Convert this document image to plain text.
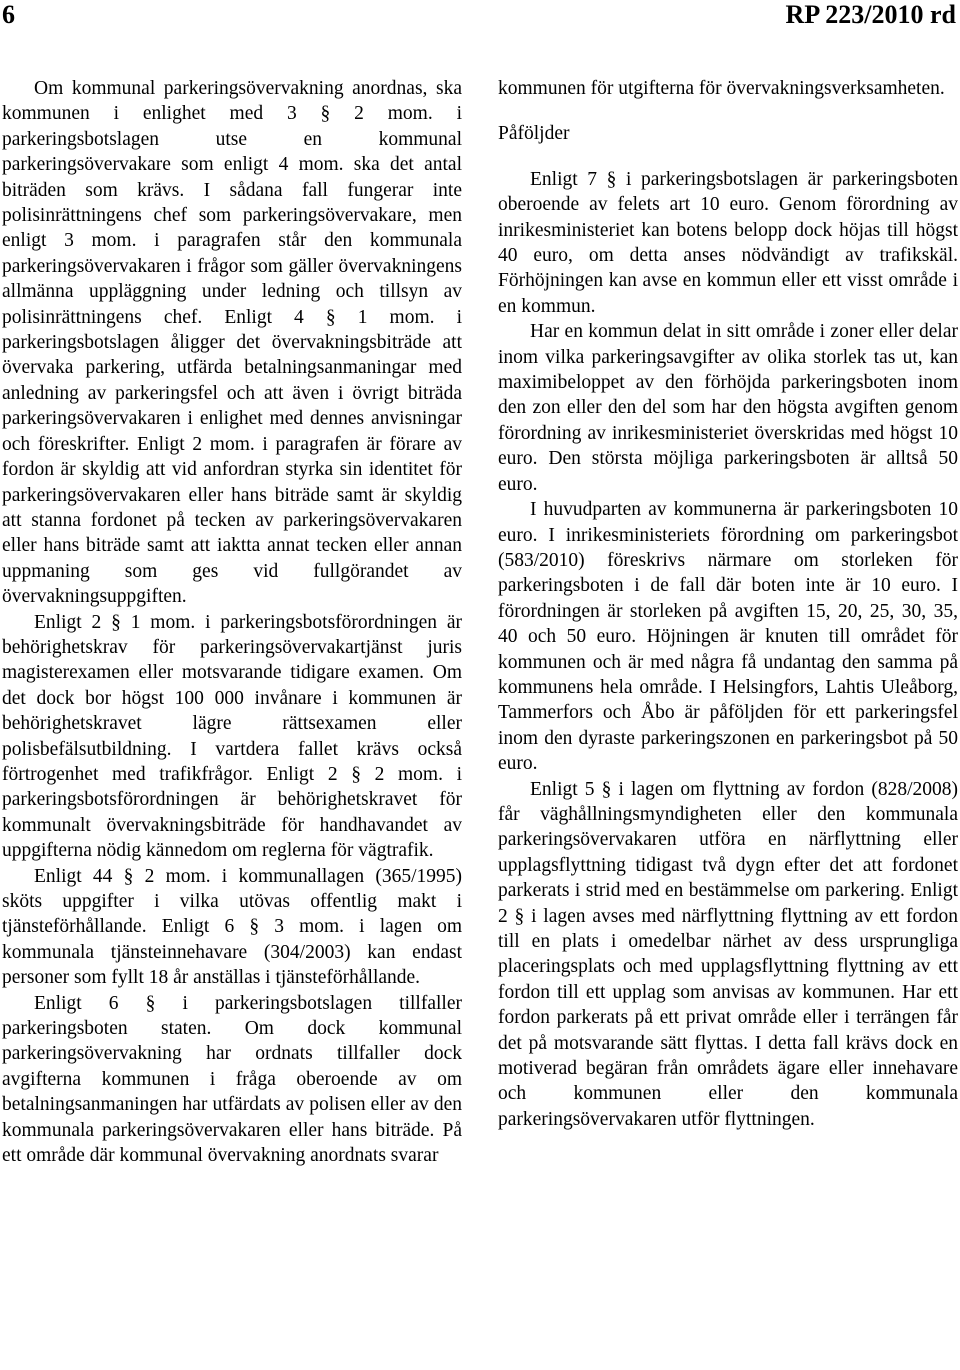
6	RP 223/2010 rd

Om kommunal parkeringsövervakning anordnas, ska kommunen i enlighet med 3 § 2 mom. i parkeringsbotslagen utse en kommunal parkeringsövervakare som enligt 4 mom. ska det antal biträden som krävs. I sådana fall fungerar inte polisinrättningens chef som parkeringsövervakare, men enligt 3 mom. i paragrafen står den kommunala parkeringsövervakaren i frågor som gäller övervakningens allmänna uppläggning under ledning och tillsyn av polisinrättningens chef. Enligt 4 § 1 mom. i parkeringsbotslagen åligger det övervakningsbiträde att övervaka parkering, utfärda betalningsanmaningar med anledning av parkeringsfel och att även i övrigt biträda parkeringsövervakaren i enlighet med dennes anvisningar och föreskrifter. Enligt 2 mom. i paragrafen är förare av fordon är skyldig att vid anfordran styrka sin identitet för parkeringsövervakaren eller hans biträde samt är skyldig att stanna fordonet på tecken av parkeringsövervakaren eller hans biträde samt att iaktta annat tecken eller annan uppmaning som ges vid fullgörandet av övervakningsuppgiften.

Enligt 2 § 1 mom. i parkeringsbotsförordningen är behörighetskrav för parkeringsövervakartjänst juris magisterexamen eller motsvarande tidigare examen. Om det dock bor högst 100 000 invånare i kommunen är behörighetskravet lägre rättsexamen eller polisbefälsutbildning. I vartdera fallet krävs också förtrogenhet med trafikfrågor. Enligt 2 § 2 mom. i parkeringsbotsförordningen är behörighetskravet för kommunalt övervakningsbiträde för handhavandet av uppgifterna nödig kännedom om reglerna för vägtrafik.

Enligt 44 § 2 mom. i kommunallagen (365/1995) sköts uppgifter i vilka utövas offentlig makt i tjänsteförhållande. Enligt 6 § 3 mom. i lagen om kommunala tjänsteinnehavare (304/2003) kan endast personer som fyllt 18 år anställas i tjänsteförhållande.

Enligt 6 § i parkeringsbotslagen tillfaller parkeringsboten staten. Om dock kommunal parkeringsövervakning har ordnats tillfaller dock avgifterna kommunen i fråga oberoende av om betalningsanmaningen har utfärdats av polisen eller av den kommunala parkeringsövervakaren eller hans biträde. På ett område där kommunal övervakning anordnats svarar

kommunen för utgifterna för övervakningsverksamheten.

Påföljder

Enligt 7 § i parkeringsbotslagen är parkeringsboten oberoende av felets art 10 euro. Genom förordning av inrikesministeriet kan botens belopp dock höjas till högst 40 euro, om detta anses nödvändigt av trafikskäl. Förhöjningen kan avse en kommun eller ett visst område i en kommun.

Har en kommun delat in sitt område i zoner eller delar inom vilka parkeringsavgifter av olika storlek tas ut, kan maximibeloppet av den förhöjda parkeringsboten inom den zon eller den del som har den högsta avgiften genom förordning av inrikesministeriet överskridas med högst 10 euro. Den största möjliga parkeringsboten är alltså 50 euro.

I huvudparten av kommunerna är parkeringsboten 10 euro. I inrikesministeriets förordning om parkeringsbot (583/2010) föreskrivs närmare om storleken för parkeringsboten i de fall där boten inte är 10 euro. I förordningen är storleken på avgiften 15, 20, 25, 30, 35, 40 och 50 euro. Höjningen är knuten till området för kommunen och är med några få undantag den samma på kommunens hela område. I Helsingfors, Lahtis Uleåborg, Tammerfors och Åbo är påföljden för ett parkeringsfel inom den dyraste parkeringszonen en parkeringsbot på 50 euro.

Enligt 5 § i lagen om flyttning av fordon (828/2008) får väghållningsmyndigheten eller den kommunala parkeringsövervakaren utföra en närflyttning eller upplagsflyttning tidigast två dygn efter det att fordonet parkerats i strid med en bestämmelse om parkering. Enligt 2 § i lagen avses med närflyttning flyttning av ett fordon till en plats i omedelbar närhet av dess ursprungliga placeringsplats och med upplagsflyttning flyttning av ett fordon till ett upplag som anvisas av kommunen. Har ett fordon parkerats på ett privat område eller i terrängen får det på motsvarande sätt flyttas. I detta fall krävs dock en motiverad begäran från områdets ägare eller innehavare och kommunen eller den kommunala parkeringsövervakaren utför flyttningen.
